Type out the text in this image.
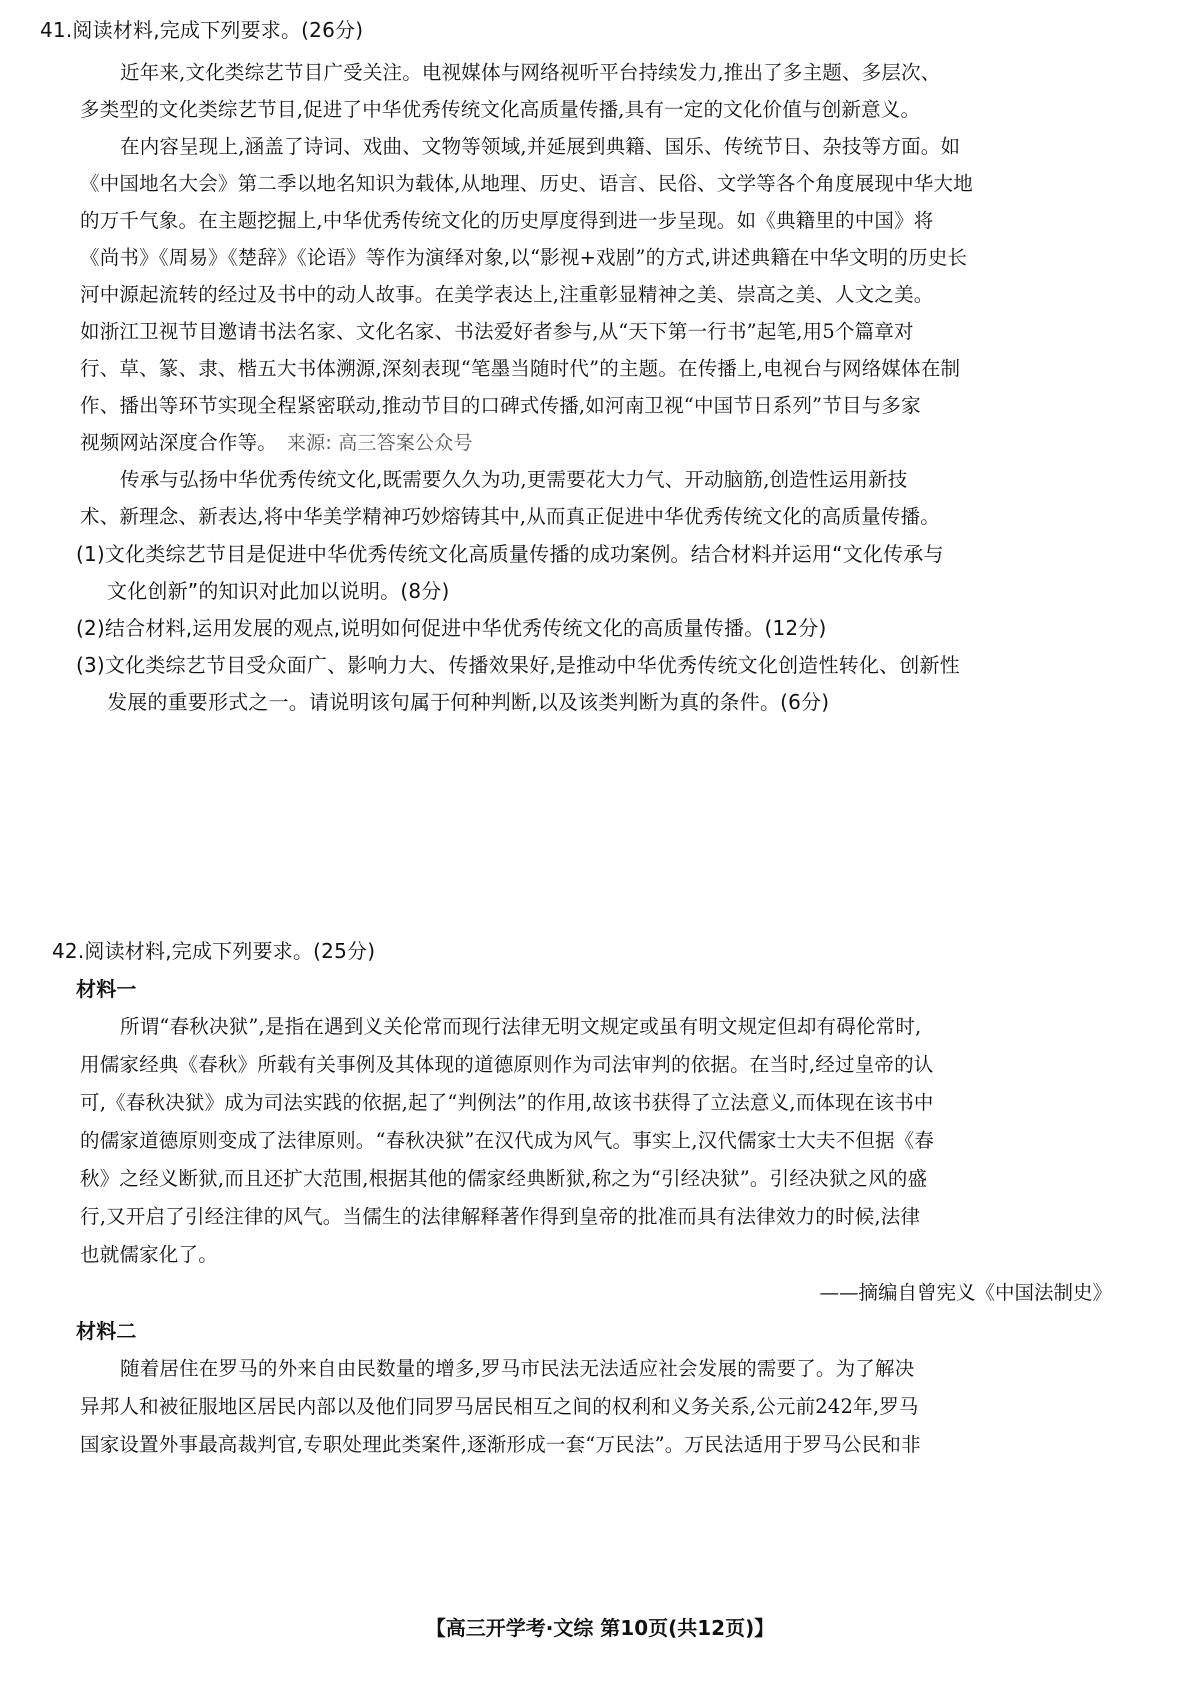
41.阅读材料,完成下列要求。(26分)
近年来,文化类综艺节目广受关注。电视媒体与网络视听平台持续发力,推出了多主题、多层次、
多类型的文化类综艺节目,促进了中华优秀传统文化高质量传播,具有一定的文化价值与创新意义。
在内容呈现上,涵盖了诗词、戏曲、文物等领域,并延展到典籍、国乐、传统节日、杂技等方面。如
《中国地名大会》第二季以地名知识为载体,从地理、历史、语言、民俗、文学等各个角度展现中华大地
的万千气象。在主题挖掘上,中华优秀传统文化的历史厚度得到进一步呈现。如《典籍里的中国》将
《尚书》《周易》《楚辞》《论语》等作为演绎对象,以“影视+戏剧”的方式,讲述典籍在中华文明的历史长
河中源起流转的经过及书中的动人故事。在美学表达上,注重彰显精神之美、崇高之美、人文之美。
如浙江卫视节目邀请书法名家、文化名家、书法爱好者参与,从“天下第一行书”起笔,用5个篇章对
行、草、篆、隶、楷五大书体溯源,深刻表现“笔墨当随时代”的主题。在传播上,电视台与网络媒体在制
作、播出等环节实现全程紧密联动,推动节目的口碑式传播,如河南卫视“中国节日系列”节目与多家
视频网站深度合作等。 来源: 高三答案公众号
传承与弘扬中华优秀传统文化,既需要久久为功,更需要花大力气、开动脑筋,创造性运用新技
术、新理念、新表达,将中华美学精神巧妙熔铸其中,从而真正促进中华优秀传统文化的高质量传播。
(1)文化类综艺节目是促进中华优秀传统文化高质量传播的成功案例。结合材料并运用“文化传承与
文化创新”的知识对此加以说明。(8分)
(2)结合材料,运用发展的观点,说明如何促进中华优秀传统文化的高质量传播。(12分)
(3)文化类综艺节目受众面广、影响力大、传播效果好,是推动中华优秀传统文化创造性转化、创新性
发展的重要形式之一。请说明该句属于何种判断,以及该类判断为真的条件。(6分)
42.阅读材料,完成下列要求。(25分)
材料一
所谓“春秋决狱”,是指在遇到义关伦常而现行法律无明文规定或虽有明文规定但却有碍伦常时,
用儒家经典《春秋》所载有关事例及其体现的道德原则作为司法审判的依据。在当时,经过皇帝的认
可,《春秋决狱》成为司法实践的依据,起了“判例法”的作用,故该书获得了立法意义,而体现在该书中
的儒家道德原则变成了法律原则。“春秋决狱”在汉代成为风气。事实上,汉代儒家士大夫不但据《春
秋》之经义断狱,而且还扩大范围,根据其他的儒家经典断狱,称之为“引经决狱”。引经决狱之风的盛
行,又开启了引经注律的风气。当儒生的法律解释著作得到皇帝的批准而具有法律效力的时候,法律
也就儒家化了。
——摘编自曾宪义《中国法制史》
材料二
随着居住在罗马的外来自由民数量的增多,罗马市民法无法适应社会发展的需要了。为了解决
异邦人和被征服地区居民内部以及他们同罗马居民相互之间的权利和义务关系,公元前242年,罗马
国家设置外事最高裁判官,专职处理此类案件,逐渐形成一套“万民法”。万民法适用于罗马公民和非
【高三开学考·文综 第10页(共12页)】
